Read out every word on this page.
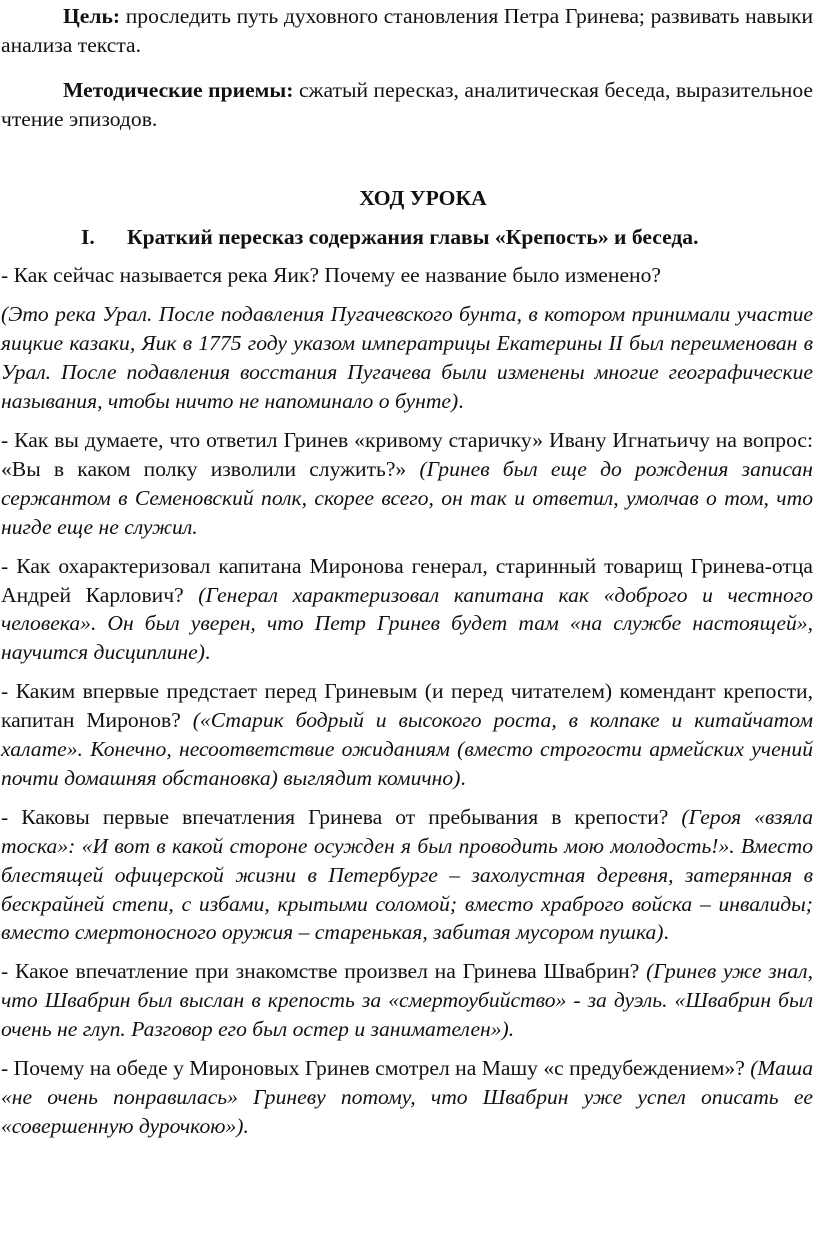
Цель: проследить путь духовного становления Петра Гринева; развивать навыки анализа текста.

Методические приемы: сжатый пересказ, аналитическая беседа, выразительное чтение эпизодов.

ХОД УРОКА

I. Краткий пересказ содержания главы «Крепость» и беседа.

- Как сейчас называется река Яик? Почему ее название было изменено?

(Это река Урал. После подавления Пугачевского бунта, в котором принимали участие яицкие казаки, Яик в 1775 году указом императрицы Екатерины II был переименован в Урал. После подавления восстания Пугачева были изменены многие географические называния, чтобы ничто не напоминало о бунте).

- Как вы думаете, что ответил Гринев «кривому старичку» Ивану Игнатьичу на вопрос: «Вы в каком полку изволили служить?» (Гринев был еще до рождения записан сержантом в Семеновский полк, скорее всего, он так и ответил, умолчав о том, что нигде еще не служил.

- Как охарактеризовал капитана Миронова генерал, старинный товарищ Гринева-отца Андрей Карлович? (Генерал характеризовал капитана как «доброго и честного человека». Он был уверен, что Петр Гринев будет там «на службе настоящей», научится дисциплине).

- Каким впервые предстает перед Гриневым (и перед читателем) комендант крепости, капитан Миронов? («Старик бодрый и высокого роста, в колпаке и китайчатом халате». Конечно, несоответствие ожиданиям (вместо строгости армейских учений почти домашняя обстановка) выглядит комично).

- Каковы первые впечатления Гринева от пребывания в крепости? (Героя «взяла тоска»: «И вот в какой стороне осужден я был проводить мою молодость!». Вместо блестящей офицерской жизни в Петербурге – захолустная деревня, затерянная в бескрайней степи, с избами, крытыми соломой; вместо храброго войска – инвалиды; вместо смертоносного оружия – старенькая, забитая мусором пушка).

- Какое впечатление при знакомстве произвел на Гринева Швабрин? (Гринев уже знал, что Швабрин был выслан в крепость за «смертоубийство» - за дуэль. «Швабрин был очень не глуп. Разговор его был остер и занимателен»).

- Почему на обеде у Мироновых Гринев смотрел на Машу «с предубеждением»? (Маша «не очень понравилась» Гриневу потому, что Швабрин уже успел описать ее «совершенную дурочкою»).
